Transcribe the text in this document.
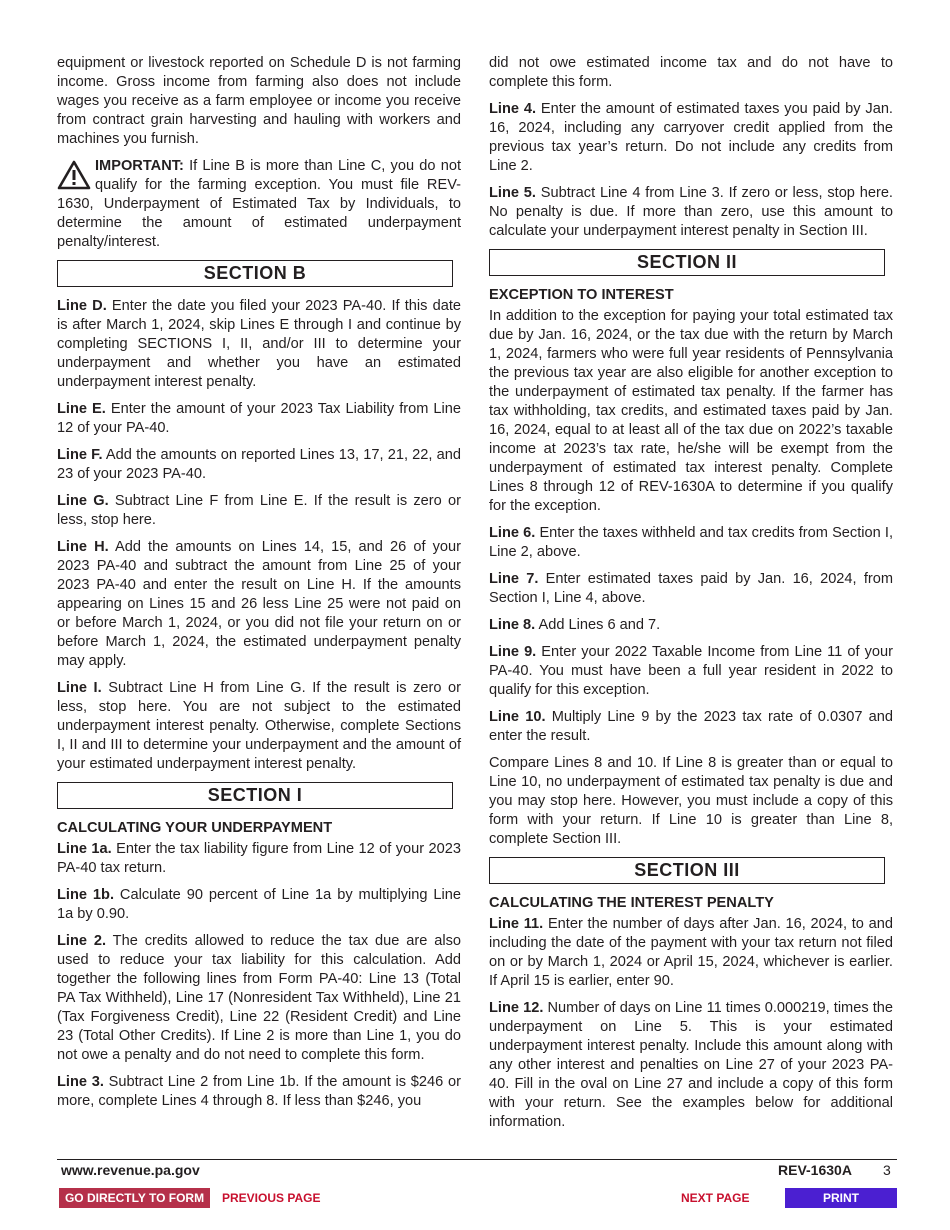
equipment or livestock reported on Schedule D is not farming income. Gross income from farming also does not include wages you receive as a farm employee or income you receive from contract grain harvesting and hauling with workers and machines you furnish.

IMPORTANT: If Line B is more than Line C, you do not qualify for the farming exception. You must file REV-1630, Underpayment of Estimated Tax by Individuals, to determine the amount of estimated underpayment penalty/interest.

SECTION B

Line D. Enter the date you filed your 2023 PA-40. If this date is after March 1, 2024, skip Lines E through I and continue by completing SECTIONS I, II, and/or III to determine your underpayment and whether you have an estimated underpayment interest penalty.

Line E. Enter the amount of your 2023 Tax Liability from Line 12 of your PA-40.

Line F. Add the amounts on reported Lines 13, 17, 21, 22, and 23 of your 2023 PA-40.

Line G. Subtract Line F from Line E. If the result is zero or less, stop here.

Line H. Add the amounts on Lines 14, 15, and 26 of your 2023 PA-40 and subtract the amount from Line 25 of your 2023 PA-40 and enter the result on Line H. If the amounts appearing on Lines 15 and 26 less Line 25 were not paid on or before March 1, 2024, or you did not file your return on or before March 1, 2024, the estimated underpayment penalty may apply.

Line I. Subtract Line H from Line G. If the result is zero or less, stop here. You are not subject to the estimated underpayment interest penalty. Otherwise, complete Sections I, II and III to determine your underpayment and the amount of your estimated underpayment interest penalty.

SECTION I

CALCULATING YOUR UNDERPAYMENT

Line 1a. Enter the tax liability figure from Line 12 of your 2023 PA-40 tax return.

Line 1b. Calculate 90 percent of Line 1a by multiplying Line 1a by 0.90.

Line 2. The credits allowed to reduce the tax due are also used to reduce your tax liability for this calculation. Add together the following lines from Form PA-40: Line 13 (Total PA Tax Withheld), Line 17 (Nonresident Tax Withheld), Line 21 (Tax Forgiveness Credit), Line 22 (Resident Credit) and Line 23 (Total Other Credits). If Line 2 is more than Line 1, you do not owe a penalty and do not need to complete this form.

Line 3. Subtract Line 2 from Line 1b. If the amount is $246 or more, complete Lines 4 through 8. If less than $246, you

did not owe estimated income tax and do not have to complete this form.

Line 4. Enter the amount of estimated taxes you paid by Jan. 16, 2024, including any carryover credit applied from the previous tax year’s return. Do not include any credits from Line 2.

Line 5. Subtract Line 4 from Line 3. If zero or less, stop here. No penalty is due. If more than zero, use this amount to calculate your underpayment interest penalty in Section III.

SECTION II

EXCEPTION TO INTEREST

In addition to the exception for paying your total estimated tax due by Jan. 16, 2024, or the tax due with the return by March 1, 2024, farmers who were full year residents of Pennsylvania the previous tax year are also eligible for another exception to the underpayment of estimated tax penalty. If the farmer has tax withholding, tax credits, and estimated taxes paid by Jan. 16, 2024, equal to at least all of the tax due on 2022’s taxable income at 2023’s tax rate, he/she will be exempt from the underpayment of estimated tax interest penalty. Complete Lines 8 through 12 of REV-1630A to determine if you qualify for the exception.

Line 6. Enter the taxes withheld and tax credits from Section I, Line 2, above.

Line 7. Enter estimated taxes paid by Jan. 16, 2024, from Section I, Line 4, above.

Line 8. Add Lines 6 and 7.

Line 9. Enter your 2022 Taxable Income from Line 11 of your PA-40. You must have been a full year resident in 2022 to qualify for this exception.

Line 10. Multiply Line 9 by the 2023 tax rate of 0.0307 and enter the result.

Compare Lines 8 and 10. If Line 8 is greater than or equal to Line 10, no underpayment of estimated tax penalty is due and you may stop here. However, you must include a copy of this form with your return. If Line 10 is greater than Line 8, complete Section III.

SECTION III

CALCULATING THE INTEREST PENALTY

Line 11. Enter the number of days after Jan. 16, 2024, to and including the date of the payment with your tax return not filed on or by March 1, 2024 or April 15, 2024, whichever is earlier. If April 15 is earlier, enter 90.

Line 12. Number of days on Line 11 times 0.000219, times the underpayment on Line 5. This is your estimated underpayment interest penalty. Include this amount along with any other interest and penalties on Line 27 of your 2023 PA-40. Fill in the oval on Line 27 and include a copy of this form with your return. See the examples below for additional information.

www.revenue.pa.gov	REV-1630A 3
GO DIRECTLY TO FORM	PREVIOUS PAGE	NEXT PAGE	PRINT
